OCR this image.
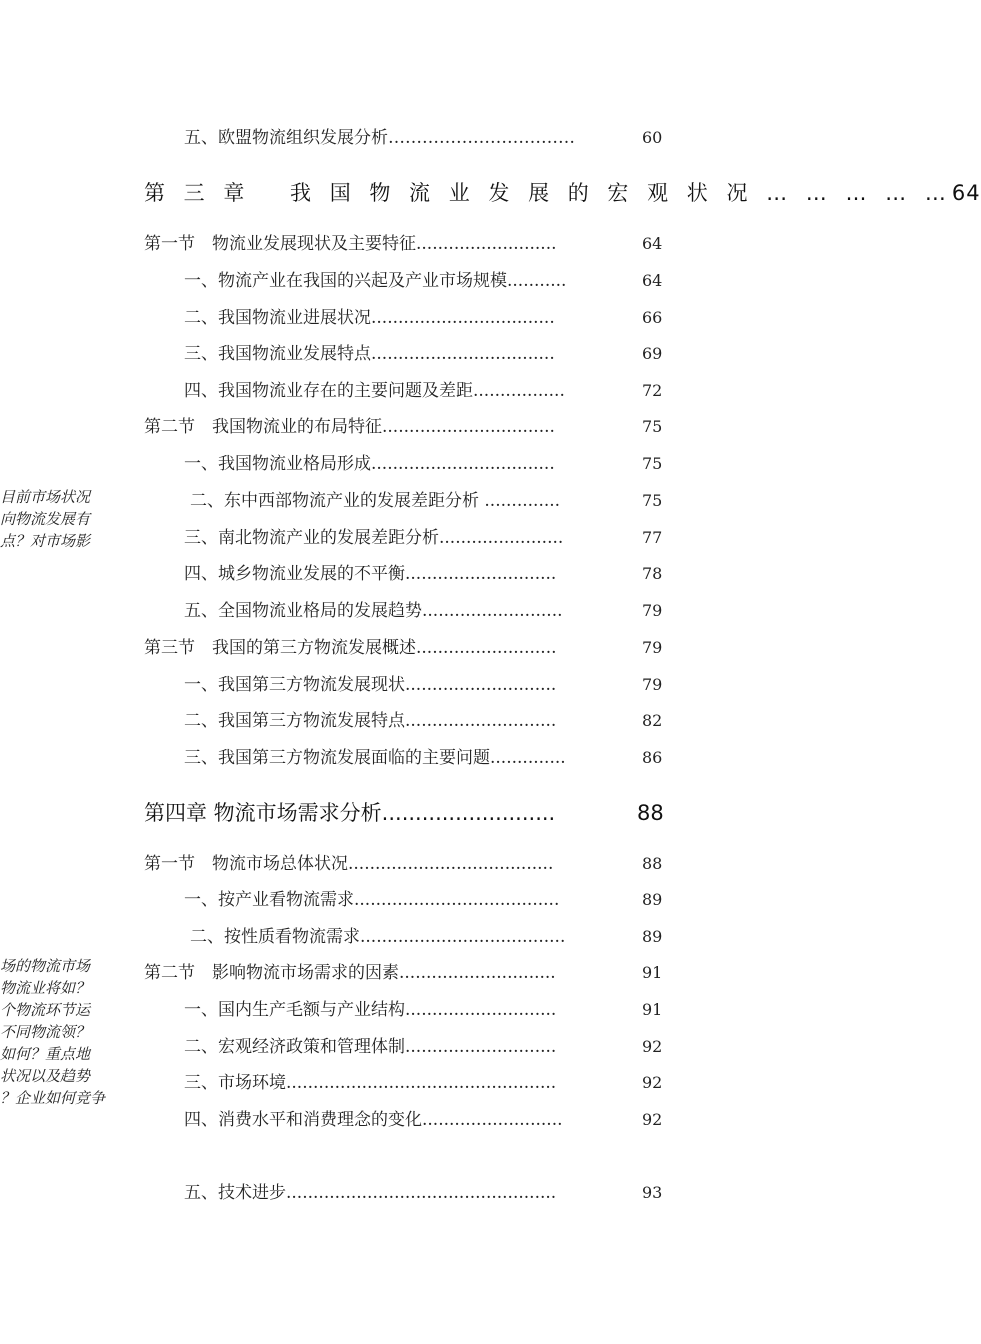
五、欧盟物流组织发展分析……………………………	60
第 三 章　 我 国 物 流 业 发 展 的 宏 观 状 况 … … … … …64
第一节　物流业发展现状及主要特征..........................	64
一、物流产业在我国的兴起及产业市场规模...........	64
二、我国物流业进展状况..................................	66
三、我国物流业发展特点..................................	69
四、我国物流业存在的主要问题及差距.................	72
第二节　我国物流业的布局特征................................	75
一、我国物流业格局形成..................................	75
二、东中西部物流产业的发展差距分析 ..............	75
三、南北物流产业的发展差距分析.......................	77
四、城乡物流业发展的不平衡............................	78
五、全国物流业格局的发展趋势..........................	79
第三节　我国的第三方物流发展概述..........................	79
一、我国第三方物流发展现状............................	79
二、我国第三方物流发展特点............................	82
三、我国第三方物流发展面临的主要问题..............	86
第四章 物流市场需求分析..........................	88
第一节　物流市场总体状况......................................	88
一、按产业看物流需求......................................	89
二、按性质看物流需求......................................	89
第二节　影响物流市场需求的因素.............................	91
一、国内生产毛额与产业结构............................	91
二、宏观经济政策和管理体制............................	92
三、市场环境..................................................	92
四、消费水平和消费理念的变化..........................	92
五、技术进步..................................................	93
目前市场状况
向物流发展有
点？对市场影
场的物流市场
？物流业将如
个物流环节运
？不同物流领
如何？重点地
状况以及趋势
企业如何竞争？
